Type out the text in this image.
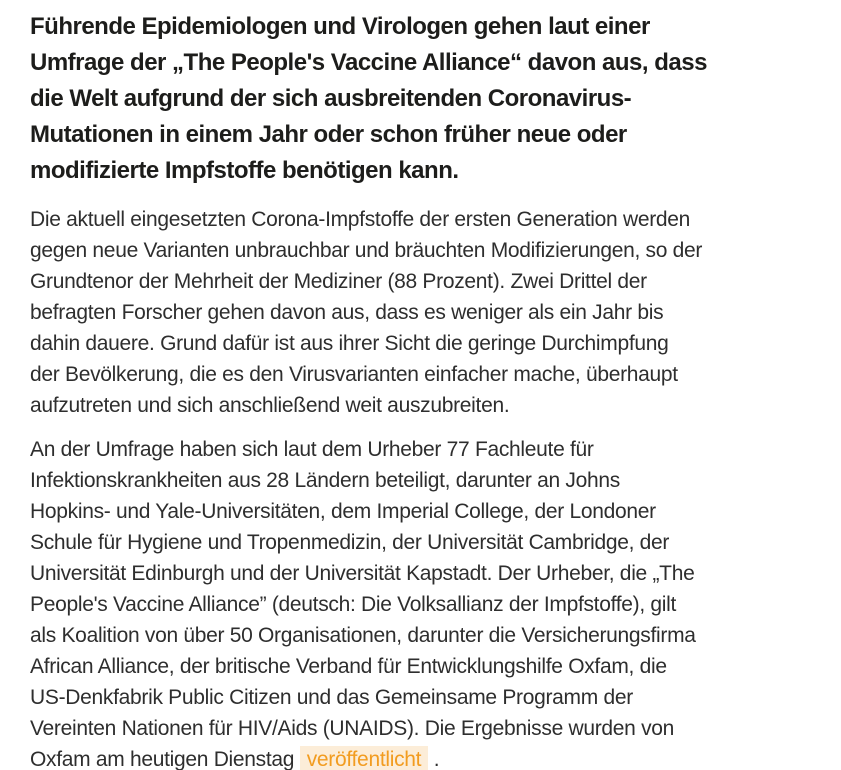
Führende Epidemiologen und Virologen gehen laut einer
Umfrage der „The People's Vaccine Alliance“ davon aus, dass
die Welt aufgrund der sich ausbreitenden Coronavirus-
Mutationen in einem Jahr oder schon früher neue oder
modifizierte Impfstoffe benötigen kann.

Die aktuell eingesetzten Corona-Impfstoffe der ersten Generation werden
gegen neue Varianten unbrauchbar und bräuchten Modifizierungen, so der
Grundtenor der Mehrheit der Mediziner (88 Prozent). Zwei Drittel der
befragten Forscher gehen davon aus, dass es weniger als ein Jahr bis
dahin dauere. Grund dafür ist aus ihrer Sicht die geringe Durchimpfung
der Bevölkerung, die es den Virusvarianten einfacher mache, überhaupt
aufzutreten und sich anschließend weit auszubreiten.

An der Umfrage haben sich laut dem Urheber 77 Fachleute für
Infektionskrankheiten aus 28 Ländern beteiligt, darunter an Johns
Hopkins- und Yale-Universitäten, dem Imperial College, der Londoner
Schule für Hygiene und Tropenmedizin, der Universität Cambridge, der
Universität Edinburgh und der Universität Kapstadt. Der Urheber, die „The
People's Vaccine Alliance” (deutsch: Die Volksallianz der Impfstoffe), gilt
als Koalition von über 50 Organisationen, darunter die Versicherungsfirma
African Alliance, der britische Verband für Entwicklungshilfe Oxfam, die
US-Denkfabrik Public Citizen und das Gemeinsame Programm der
Vereinten Nationen für HIV/Aids (UNAIDS). Die Ergebnisse wurden von
Oxfam am heutigen Dienstag veröffentlicht .
